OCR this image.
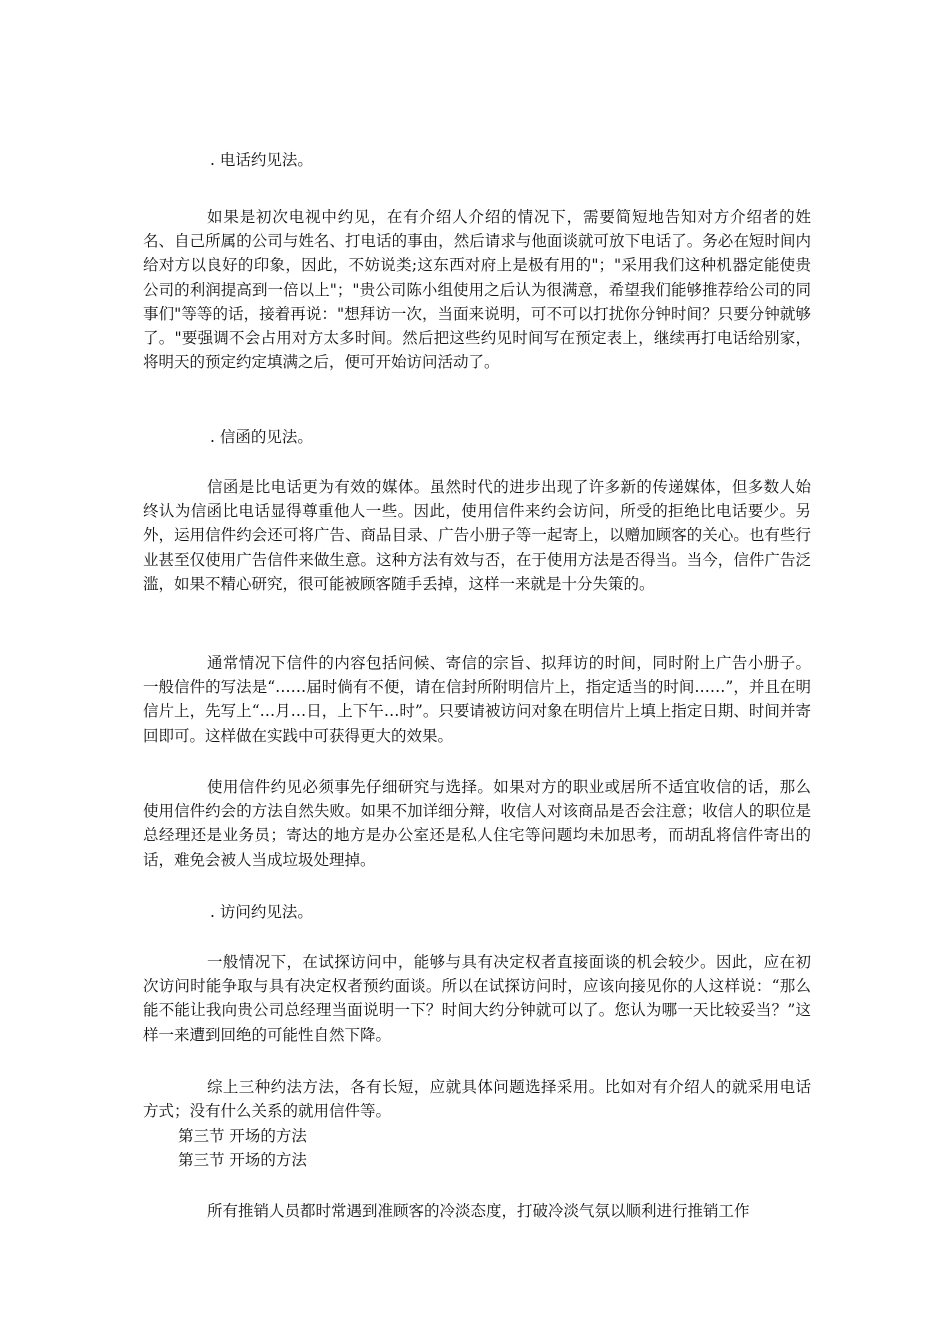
. 电话约见法。

如果是初次电视中约见，在有介绍人介绍的情况下，需要简短地告知对方介绍者的姓名、自己所属的公司与姓名、打电话的事由，然后请求与他面谈就可放下电话了。务必在短时间内给对方以良好的印象，因此，不妨说类;这东西对府上是极有用的"；"采用我们这种机器定能使贵公司的利润提高到一倍以上"；"贵公司陈小组使用之后认为很满意，希望我们能够推荐给公司的同事们"等等的话，接着再说："想拜访一次，当面来说明，可不可以打扰你分钟时间？只要分钟就够了。"要强调不会占用对方太多时间。然后把这些约见时间写在预定表上，继续再打电话给别家，将明天的预定约定填满之后，便可开始访问活动了。

. 信函的见法。

信函是比电话更为有效的媒体。虽然时代的进步出现了许多新的传递媒体，但多数人始终认为信函比电话显得尊重他人一些。因此，使用信件来约会访问，所受的拒绝比电话要少。另外，运用信件约会还可将广告、商品目录、广告小册子等一起寄上，以赠加顾客的关心。也有些行业甚至仅使用广告信件来做生意。这种方法有效与否，在于使用方法是否得当。当今，信件广告泛滥，如果不精心研究，很可能被顾客随手丢掉，这样一来就是十分失策的。

通常情况下信件的内容包括问候、寄信的宗旨、拟拜访的时间，同时附上广告小册子。一般信件的写法是“……届时倘有不便，请在信封所附明信片上，指定适当的时间……”，并且在明信片上，先写上“…月…日，上下午…时”。只要请被访问对象在明信片上填上指定日期、时间并寄回即可。这样做在实践中可获得更大的效果。

使用信件约见必须事先仔细研究与选择。如果对方的职业或居所不适宜收信的话，那么使用信件约会的方法自然失败。如果不加详细分辩，收信人对该商品是否会注意；收信人的职位是总经理还是业务员；寄达的地方是办公室还是私人住宅等问题均未加思考，而胡乱将信件寄出的话，难免会被人当成垃圾处理掉。

. 访问约见法。

一般情况下，在试探访问中，能够与具有决定权者直接面谈的机会较少。因此，应在初次访问时能争取与具有决定权者预约面谈。所以在试探访问时，应该向接见你的人这样说：“那么能不能让我向贵公司总经理当面说明一下？时间大约分钟就可以了。您认为哪一天比较妥当？”这样一来遭到回绝的可能性自然下降。

综上三种约法方法，各有长短，应就具体问题选择采用。比如对有介绍人的就采用电话方式；没有什么关系的就用信件等。

第三节 开场的方法

第三节 开场的方法

所有推销人员都时常遇到准顾客的冷淡态度，打破冷淡气氛以顺利进行推销工作
